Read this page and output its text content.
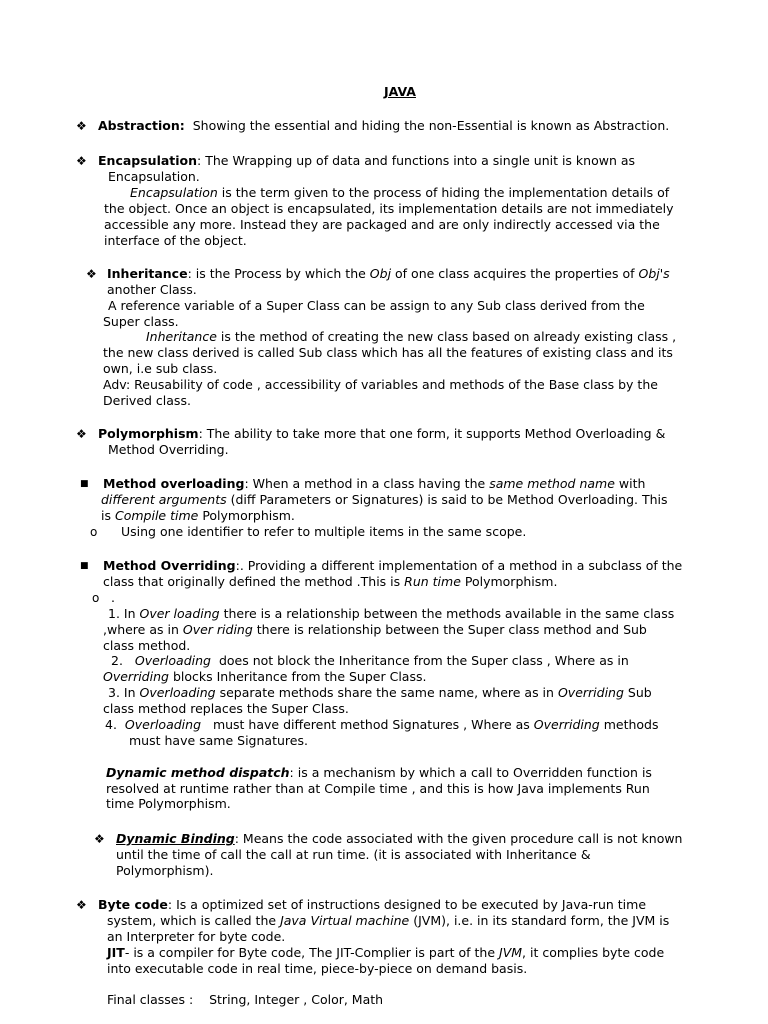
JAVA
❖ Abstraction: Showing the essential and hiding the non-Essential is known as Abstraction.
❖ Encapsulation: The Wrapping up of data and functions into a single unit is known as
Encapsulation.
Encapsulation is the term given to the process of hiding the implementation details of
the object. Once an object is encapsulated, its implementation details are not immediately
accessible any more. Instead they are packaged and are only indirectly accessed via the
interface of the object.
❖ Inheritance: is the Process by which the Obj of one class acquires the properties of Obj's
another Class.
A reference variable of a Super Class can be assign to any Sub class derived from the
Super class.
Inheritance is the method of creating the new class based on already existing class ,
the new class derived is called Sub class which has all the features of existing class and its
own, i.e sub class.
Adv: Reusability of code , accessibility of variables and methods of the Base class by the
Derived class.
❖ Polymorphism: The ability to take more that one form, it supports Method Overloading &
Method Overriding.
■ Method overloading: When a method in a class having the same method name with
different arguments (diff Parameters or Signatures) is said to be Method Overloading. This
is Compile time Polymorphism.
o Using one identifier to refer to multiple items in the same scope.
■ Method Overriding:. Providing a different implementation of a method in a subclass of the
class that originally defined the method .This is Run time Polymorphism.
o .
1. In Over loading there is a relationship between the methods available in the same class
,where as in Over riding there is relationship between the Super class method and Sub
class method.
2. Overloading does not block the Inheritance from the Super class , Where as in
Overriding blocks Inheritance from the Super Class.
3. In Overloading separate methods share the same name, where as in Overriding Sub
class method replaces the Super Class.
4. Overloading must have different method Signatures , Where as Overriding methods
must have same Signatures.
Dynamic method dispatch: is a mechanism by which a call to Overridden function is
resolved at runtime rather than at Compile time , and this is how Java implements Run
time Polymorphism.
❖ Dynamic Binding: Means the code associated with the given procedure call is not known
until the time of call the call at run time. (it is associated with Inheritance &
Polymorphism).
❖ Byte code: Is a optimized set of instructions designed to be executed by Java-run time
system, which is called the Java Virtual machine (JVM), i.e. in its standard form, the JVM is
an Interpreter for byte code.
JIT- is a compiler for Byte code, The JIT-Complier is part of the JVM, it complies byte code
into executable code in real time, piece-by-piece on demand basis.
Final classes :    String, Integer , Color, Math
